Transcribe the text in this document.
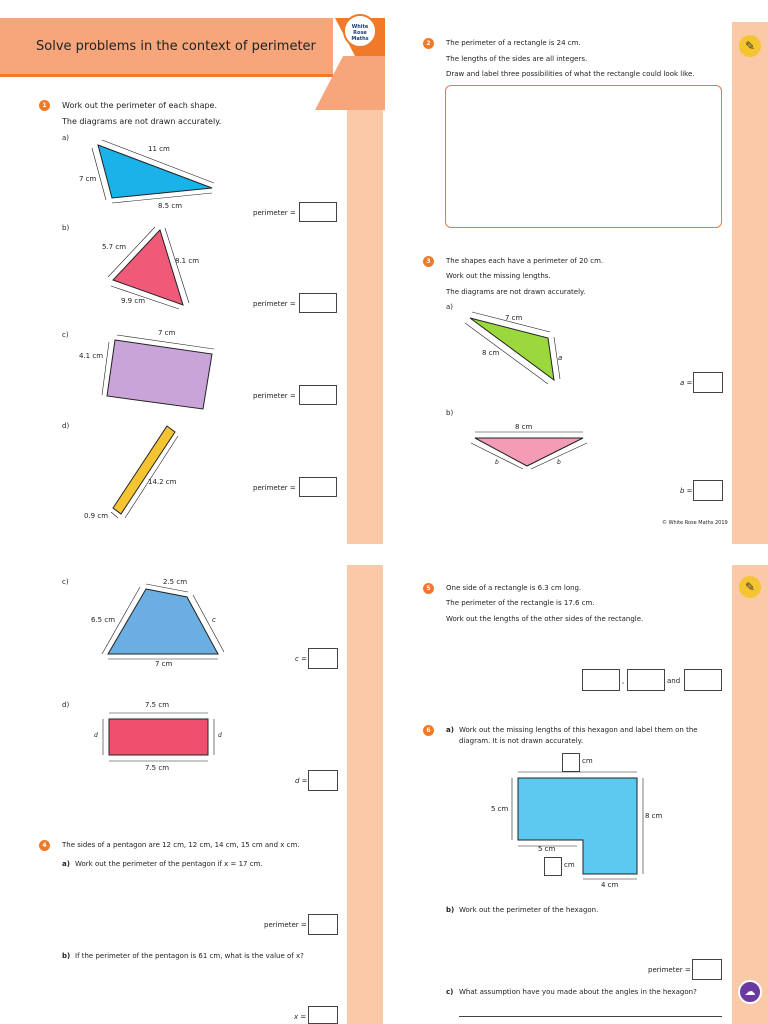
Solve problems in the context of perimeter
White Rose Maths
1	Work out the perimeter of each shape.
The diagrams are not drawn accurately.
a)
11 cm
7 cm
8.5 cm
perimeter =
b)
5.7 cm
8.1 cm
9.9 cm	perimeter =
c)	7 cm
4.1 cm
perimeter =
d)
14.2 cm
0.9 cm
perimeter =
✎
2	The perimeter of a rectangle is 24 cm.
The lengths of the sides are all integers.
Draw and label three possibilities of what the rectangle could look like.
3	The shapes each have a perimeter of 20 cm.
Work out the missing lengths.
The diagrams are not drawn accurately.
a)
7 cm
8 cm
a
a =
b)
8 cm
b	b
b =
© White Rose Maths 2019
c)	2.5 cm
6.5 cm	c
7 cm
c =
d)	7.5 cm
d	d
7.5 cm
d =
4	The sides of a pentagon are 12 cm, 12 cm, 14 cm, 15 cm and x cm.
a) Work out the perimeter of the pentagon if x = 17 cm.
perimeter =
b) If the perimeter of the pentagon is 61 cm, what is the value of x?
x =
✎
☁
5	One side of a rectangle is 6.3 cm long.
The perimeter of the rectangle is 17.6 cm.
Work out the lengths of the other sides of the rectangle.
,	and
6	a) Work out the missing lengths of this hexagon and label them on the
diagram. It is not drawn accurately.
cm
5 cm
8 cm
5 cm
cm
4 cm
b) Work out the perimeter of the hexagon.
perimeter =
c) What assumption have you made about the angles in the hexagon?
